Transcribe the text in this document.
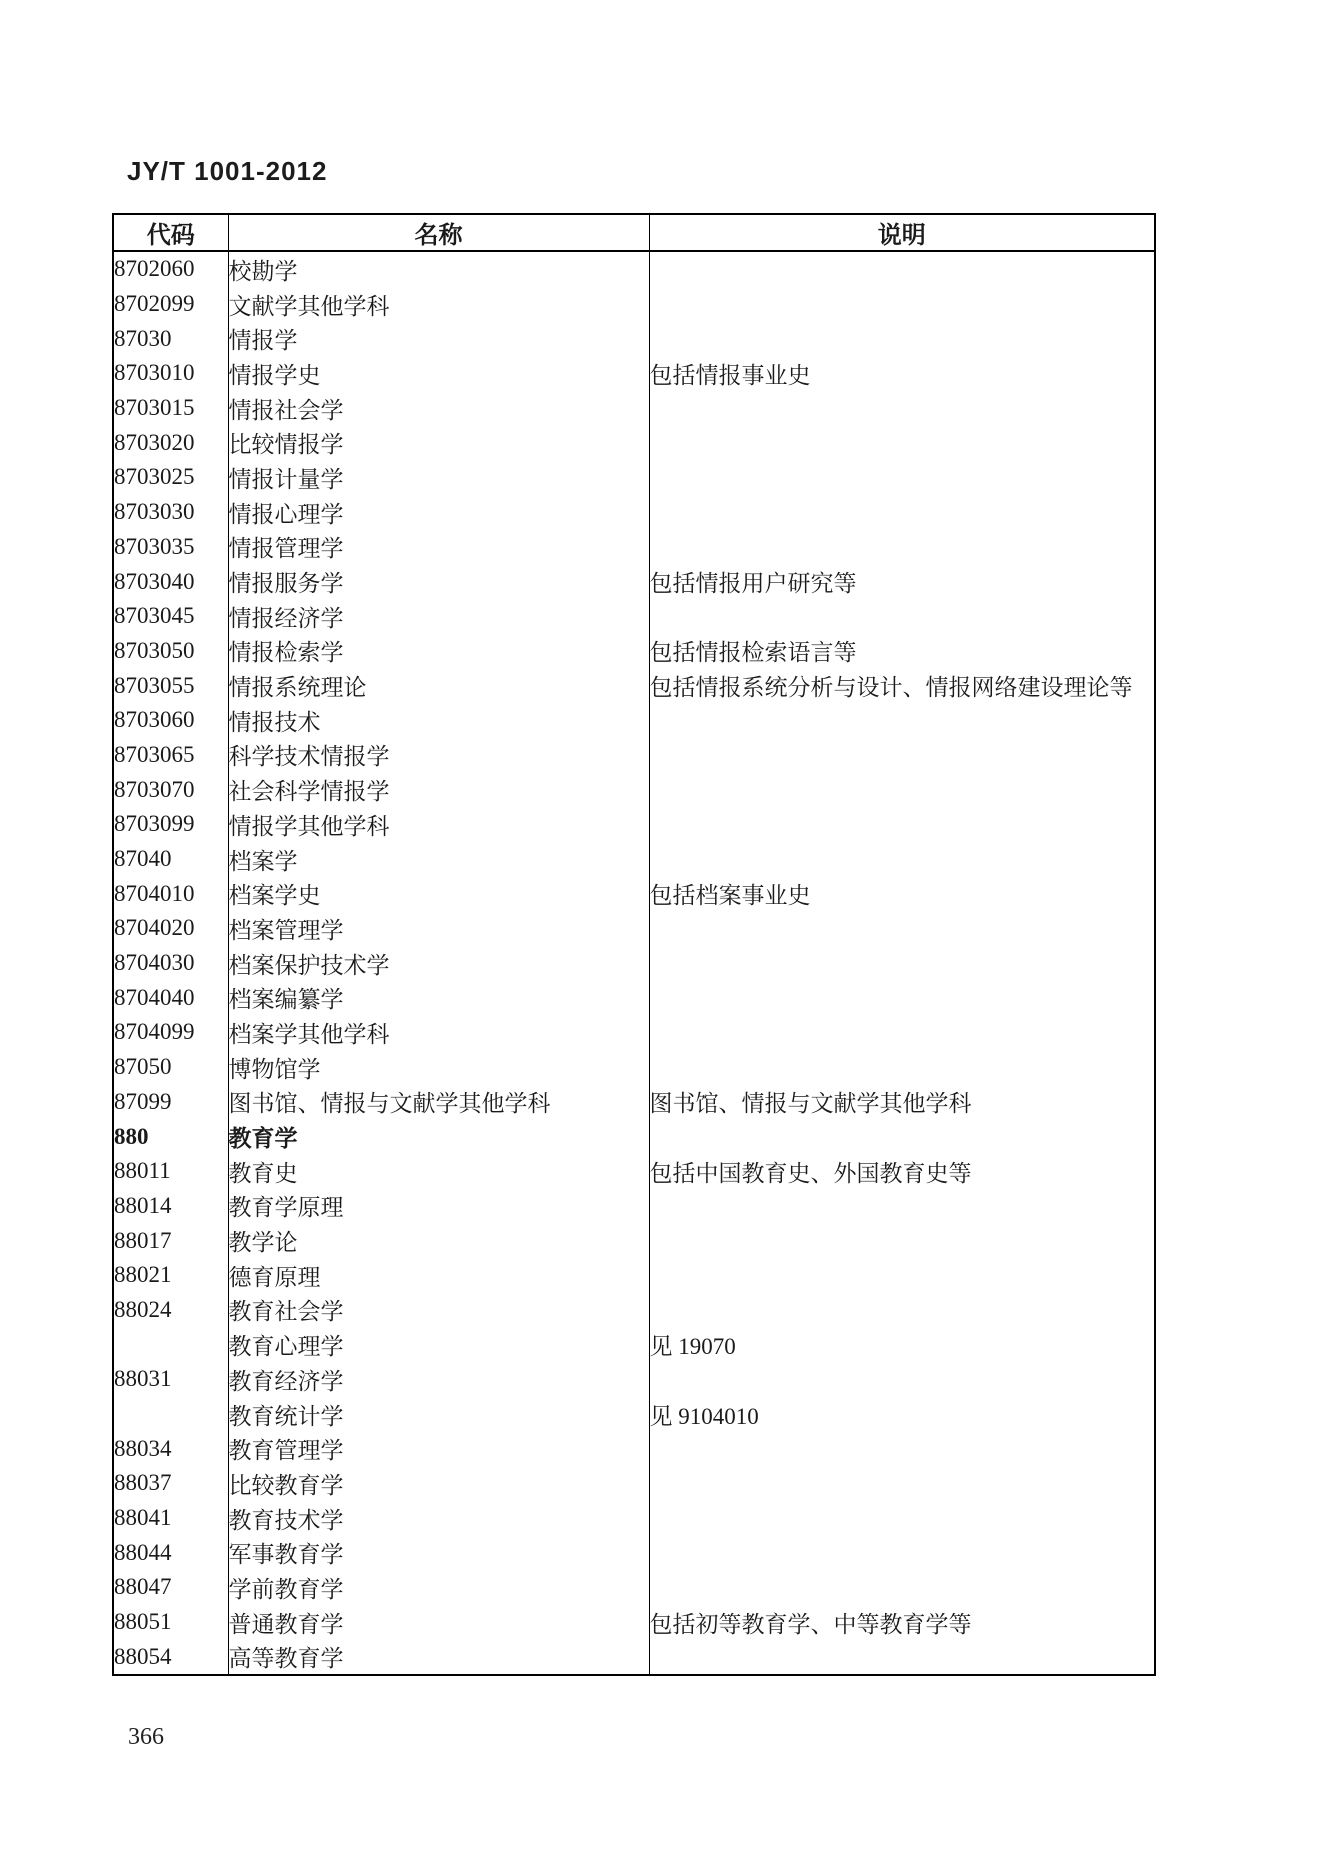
JY/T 1001-2012
代码	名称	说明
8702060	校勘学	
8702099	文献学其他学科	
87030	情报学	
8703010	情报学史	包括情报事业史
8703015	情报社会学	
8703020	比较情报学	
8703025	情报计量学	
8703030	情报心理学	
8703035	情报管理学	
8703040	情报服务学	包括情报用户研究等
8703045	情报经济学	
8703050	情报检索学	包括情报检索语言等
8703055	情报系统理论	包括情报系统分析与设计、情报网络建设理论等
8703060	情报技术	
8703065	科学技术情报学	
8703070	社会科学情报学	
8703099	情报学其他学科	
87040	档案学	
8704010	档案学史	包括档案事业史
8704020	档案管理学	
8704030	档案保护技术学	
8704040	档案编纂学	
8704099	档案学其他学科	
87050	博物馆学	
87099	图书馆、情报与文献学其他学科	图书馆、情报与文献学其他学科
880	教育学	
88011	教育史	包括中国教育史、外国教育史等
88014	教育学原理	
88017	教学论	
88021	德育原理	
88024	教育社会学	
	教育心理学	见 19070
88031	教育经济学	
	教育统计学	见 9104010
88034	教育管理学	
88037	比较教育学	
88041	教育技术学	
88044	军事教育学	
88047	学前教育学	
88051	普通教育学	包括初等教育学、中等教育学等
88054	高等教育学	
366
